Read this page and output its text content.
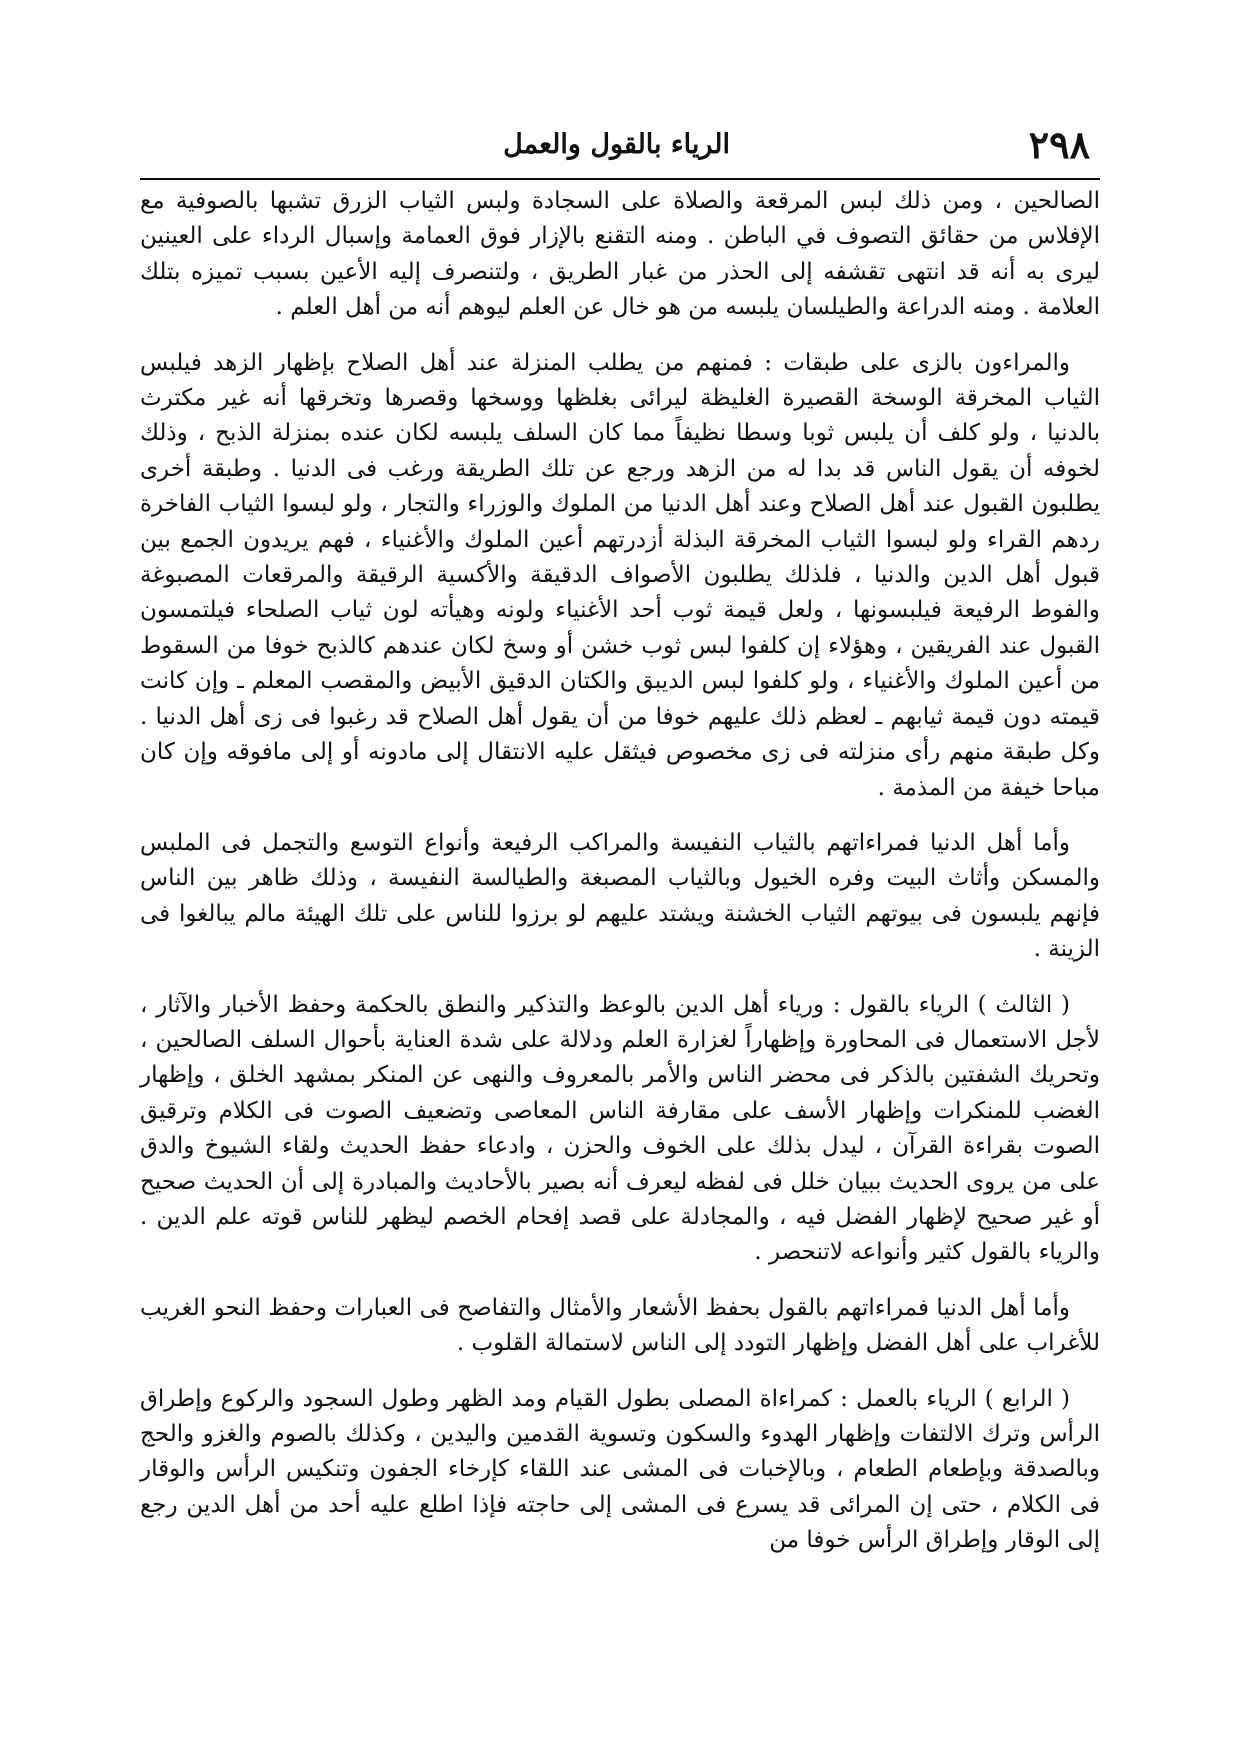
٢٩٨
الرياء بالقول والعمل

الصالحين ، ومن ذلك لبس المرقعة والصلاة على السجادة ولبس الثياب الزرق تشبها بالصوفية مع الإفلاس من حقائق التصوف في الباطن . ومنه التقنع بالإزار فوق العمامة وإسبال الرداء على العينين ليرى به أنه قد انتهى تقشفه إلى الحذر من غبار الطريق ، ولتنصرف إليه الأعين بسبب تميزه بتلك العلامة . ومنه الدراعة والطيلسان يلبسه من هو خال عن العلم ليوهم أنه من أهل العلم .

والمراءون بالزى على طبقات : فمنهم من يطلب المنزلة عند أهل الصلاح بإظهار الزهد فيلبس الثياب المخرقة الوسخة القصيرة الغليظة ليرائى بغلظها ووسخها وقصرها وتخرقها أنه غير مكترث بالدنيا ، ولو كلف أن يلبس ثوبا وسطا نظيفاً مما كان السلف يلبسه لكان عنده بمنزلة الذبح ، وذلك لخوفه أن يقول الناس قد بدا له من الزهد ورجع عن تلك الطريقة ورغب فى الدنيا . وطبقة أخرى يطلبون القبول عند أهل الصلاح وعند أهل الدنيا من الملوك والوزراء والتجار ، ولو لبسوا الثياب الفاخرة ردهم القراء ولو لبسوا الثياب المخرقة البذلة أزدرتهم أعين الملوك والأغنياء ، فهم يريدون الجمع بين قبول أهل الدين والدنيا ، فلذلك يطلبون الأصواف الدقيقة والأكسية الرقيقة والمرقعات المصبوغة والفوط الرفيعة فيلبسونها ، ولعل قيمة ثوب أحد الأغنياء ولونه وهيأته لون ثياب الصلحاء فيلتمسون القبول عند الفريقين ، وهؤلاء إن كلفوا لبس ثوب خشن أو وسخ لكان عندهم كالذبح خوفا من السقوط من أعين الملوك والأغنياء ، ولو كلفوا لبس الديبق والكتان الدقيق الأبيض والمقصب المعلم ـ وإن كانت قيمته دون قيمة ثيابهم ـ لعظم ذلك عليهم خوفا من أن يقول أهل الصلاح قد رغبوا فى زى أهل الدنيا . وكل طبقة منهم رأى منزلته فى زى مخصوص فيثقل عليه الانتقال إلى مادونه أو إلى مافوقه وإن كان مباحا خيفة من المذمة .

وأما أهل الدنيا فمراءاتهم بالثياب النفيسة والمراكب الرفيعة وأنواع التوسع والتجمل فى الملبس والمسكن وأثاث البيت وفره الخيول وبالثياب المصبغة والطيالسة النفيسة ، وذلك ظاهر بين الناس فإنهم يلبسون فى بيوتهم الثياب الخشنة ويشتد عليهم لو برزوا للناس على تلك الهيئة مالم يبالغوا فى الزينة .

( الثالث ) الرياء بالقول : ورياء أهل الدين بالوعظ والتذكير والنطق بالحكمة وحفظ الأخبار والآثار ، لأجل الاستعمال فى المحاورة وإظهاراً لغزارة العلم ودلالة على شدة العناية بأحوال السلف الصالحين ، وتحريك الشفتين بالذكر فى محضر الناس والأمر بالمعروف والنهى عن المنكر بمشهد الخلق ، وإظهار الغضب للمنكرات وإظهار الأسف على مقارفة الناس المعاصى وتضعيف الصوت فى الكلام وترقيق الصوت بقراءة القرآن ، ليدل بذلك على الخوف والحزن ، وادعاء حفظ الحديث ولقاء الشيوخ والدق على من يروى الحديث ببيان خلل فى لفظه ليعرف أنه بصير بالأحاديث والمبادرة إلى أن الحديث صحيح أو غير صحيح لإظهار الفضل فيه ، والمجادلة على قصد إفحام الخصم ليظهر للناس قوته علم الدين . والرياء بالقول كثير وأنواعه لاتنحصر .

وأما أهل الدنيا فمراءاتهم بالقول بحفظ الأشعار والأمثال والتفاصح فى العبارات وحفظ النحو الغريب للأغراب على أهل الفضل وإظهار التودد إلى الناس لاستمالة القلوب .

( الرابع ) الرياء بالعمل : كمراءاة المصلى بطول القيام ومد الظهر وطول السجود والركوع وإطراق الرأس وترك الالتفات وإظهار الهدوء والسكون وتسوية القدمين واليدين ، وكذلك بالصوم والغزو والحج وبالصدقة وبإطعام الطعام ، وبالإخبات فى المشى عند اللقاء كإرخاء الجفون وتنكيس الرأس والوقار فى الكلام ، حتى إن المرائى قد يسرع فى المشى إلى حاجته فإذا اطلع عليه أحد من أهل الدين رجع إلى الوقار وإطراق الرأس خوفا من
